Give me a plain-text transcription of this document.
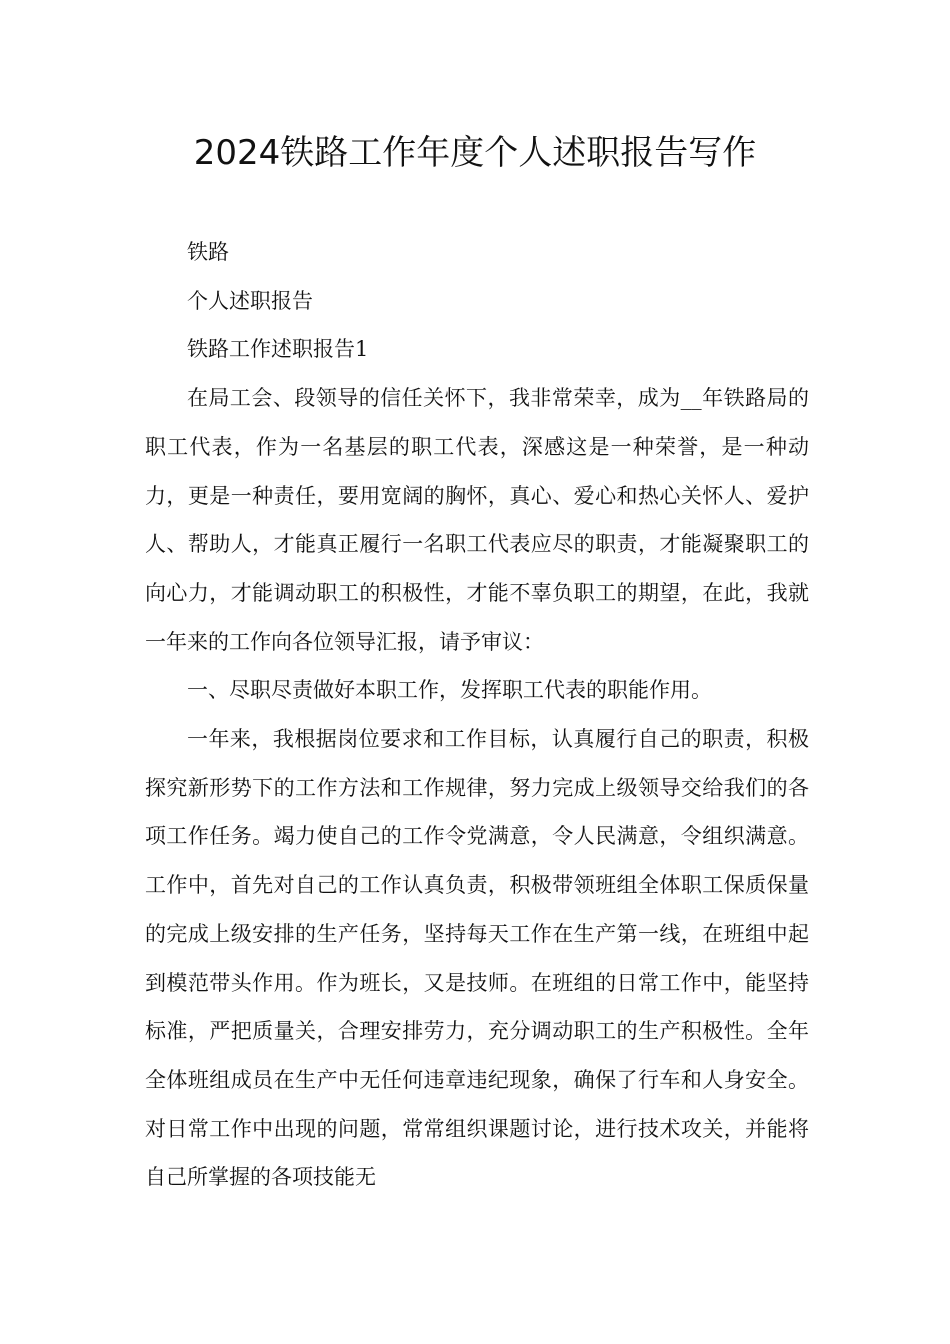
2024铁路工作年度个人述职报告写作

铁路

个人述职报告

铁路工作述职报告1

在局工会、段领导的信任关怀下，我非常荣幸，成为__年铁路局的职工代表，作为一名基层的职工代表，深感这是一种荣誉，是一种动力，更是一种责任，要用宽阔的胸怀，真心、爱心和热心关怀人、爱护人、帮助人，才能真正履行一名职工代表应尽的职责，才能凝聚职工的向心力，才能调动职工的积极性，才能不辜负职工的期望，在此，我就一年来的工作向各位领导汇报，请予审议：

一、尽职尽责做好本职工作，发挥职工代表的职能作用。

一年来，我根据岗位要求和工作目标，认真履行自己的职责，积极探究新形势下的工作方法和工作规律，努力完成上级领导交给我们的各项工作任务。竭力使自己的工作令党满意，令人民满意，令组织满意。工作中，首先对自己的工作认真负责，积极带领班组全体职工保质保量的完成上级安排的生产任务，坚持每天工作在生产第一线，在班组中起到模范带头作用。作为班长，又是技师。在班组的日常工作中，能坚持标准，严把质量关，合理安排劳力，充分调动职工的生产积极性。全年全体班组成员在生产中无任何违章违纪现象，确保了行车和人身安全。对日常工作中出现的问题，常常组织课题讨论，进行技术攻关，并能将自己所掌握的各项技能无
